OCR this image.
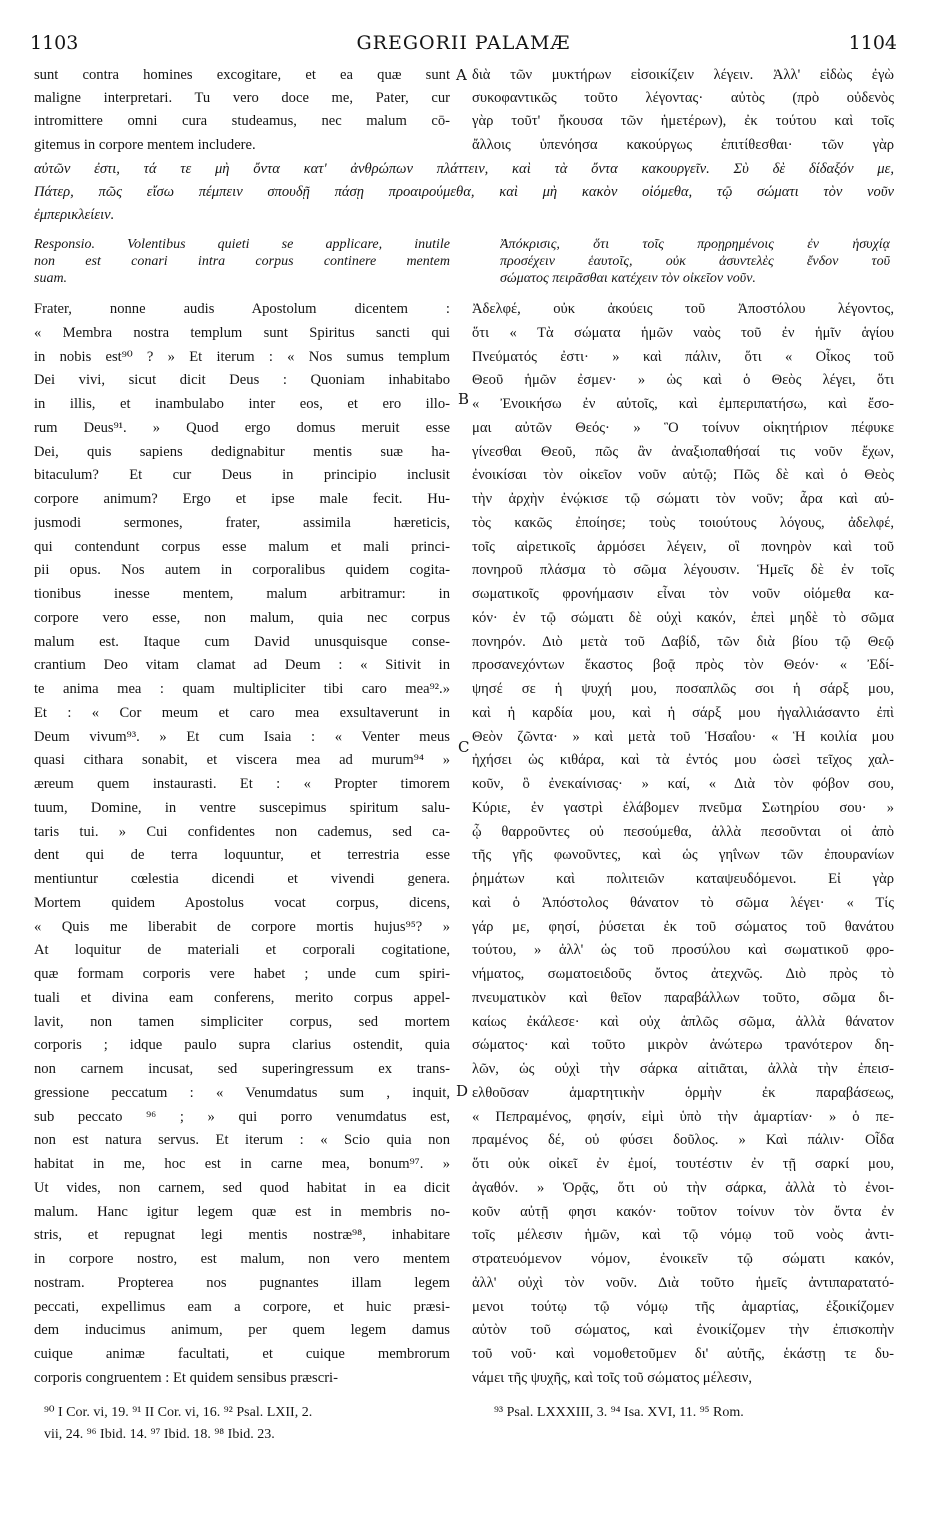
1103	GREGORII PALAMÆ	1104
sunt contra homines excogitare, et ea quæ sunt
maligne interpretari. Tu vero doce me, Pater, cur
intromittere omni cura studeamus, nec malum cō-
gitemus in corpore mentem includere.
διὰ τῶν μυκτήρων εἰσοικίζειν λέγειν. Ἀλλ' εἰδὼς ἐγὼ
συκοφαντικῶς τοῦτο λέγοντας· αὐτὸς (πρὸ οὐδενὸς
γὰρ τοῦτ' ἤκουσα τῶν ἡμετέρων), ἐκ τούτου καὶ τοῖς
ἄλλοις ὑπενόησα κακούργως ἐπιτίθεσθαι· τῶν γὰρ
αὐτῶν ἐστι, τά τε μὴ ὄντα κατ' ἀνθρώπων πλάττειν, καὶ τὰ ὄντα κακουργεῖν. Σὺ δὲ δίδαξόν με,
Πάτερ, πῶς εἴσω πέμπειν σπουδῇ πάσῃ προαιρούμεθα, καὶ μὴ κακὸν οἰόμεθα, τῷ σώματι τὸν νοῦν
ἐμπερικλείειν.
Responsio. Volentibus quieti se applicare, inutile
non est conari intra corpus continere mentem
suam.
Ἀπόκρισις, ὅτι τοῖς προῃρημένοις ἐν ἡσυχίᾳ
προσέχειν ἑαυτοῖς, οὐκ ἀσυντελὲς ἔνδον τοῦ
σώματος πειρᾶσθαι κατέχειν τὸν οἰκεῖον νοῦν.
Frater, nonne audis Apostolum dicentem :
« Membra nostra templum sunt Spiritus sancti qui
in nobis est⁹⁰ ? » Et iterum : « Nos sumus templum
Dei vivi, sicut dicit Deus : Quoniam inhabitabo
in illis, et inambulabo inter eos, et ero illo-
rum Deus⁹¹. » Quod ergo domus meruit esse
Dei, quis sapiens dedignabitur mentis suæ ha-
bitaculum? Et cur Deus in principio inclusit
corpore animum? Ergo et ipse male fecit. Hu-
jusmodi sermones, frater, assimila hæreticis,
qui contendunt corpus esse malum et mali princi-
pii opus. Nos autem in corporalibus quidem cogita-
tionibus inesse mentem, malum arbitramur: in
corpore vero esse, non malum, quia nec corpus
malum est. Itaque cum David unusquisque conse-
crantium Deo vitam clamat ad Deum : « Sitivit in
te anima mea : quam multipliciter tibi caro mea⁹².»
Et : « Cor meum et caro mea exsultaverunt in
Deum vivum⁹³. » Et cum Isaia : « Venter meus
quasi cithara sonabit, et viscera mea ad murum⁹⁴ »
æreum quem instaurasti. Et : « Propter timorem
tuum, Domine, in ventre suscepimus spiritum salu-
taris tui. » Cui confidentes non cademus, sed ca-
dent qui de terra loquuntur, et terrestria esse
mentiuntur cœlestia dicendi et vivendi genera.
Mortem quidem Apostolus vocat corpus, dicens,
« Quis me liberabit de corpore mortis hujus⁹⁵? »
At loquitur de materiali et corporali cogitatione,
quæ formam corporis vere habet ; unde cum spiri-
tuali et divina eam conferens, merito corpus appel-
lavit, non tamen simpliciter corpus, sed mortem
corporis ; idque paulo supra clarius ostendit, quia
non carnem incusat, sed superingressum ex trans-
gressione peccatum : « Venumdatus sum , inquit,
sub peccato ⁹⁶ ; » qui porro venumdatus est,
non est natura servus. Et iterum : « Scio quia non
habitat in me, hoc est in carne mea, bonum⁹⁷. »
Ut vides, non carnem, sed quod habitat in ea dicit
malum. Hanc igitur legem quæ est in membris no-
stris, et repugnat legi mentis nostræ⁹⁸, inhabitare
in corpore nostro, est malum, non vero mentem
nostram. Propterea nos pugnantes illam legem
peccati, expellimus eam a corpore, et huic præsi-
dem inducimus animum, per quem legem damus
cuique animæ facultati, et cuique membrorum
corporis congruentem : Et quidem sensibus præscri-
Ἀδελφέ, οὐκ ἀκούεις τοῦ Ἀποστόλου λέγοντος,
ὅτι « Τὰ σώματα ἡμῶν ναὸς τοῦ ἐν ἡμῖν ἁγίου
Πνεύματός ἐστι· » καὶ πάλιν, ὅτι « Οἶκος τοῦ
Θεοῦ ἡμῶν ἐσμεν· » ὡς καὶ ὁ Θεὸς λέγει, ὅτι
« Ἐνοικήσω ἐν αὐτοῖς, καὶ ἐμπεριπατήσω, καὶ ἔσο-
μαι αὐτῶν Θεός· » Ὃ τοίνυν οἰκητήριον πέφυκε
γίνεσθαι Θεοῦ, πῶς ἂν ἀναξιοπαθήσαί τις νοῦν ἔχων,
ἐνοικίσαι τὸν οἰκεῖον νοῦν αὐτῷ; Πῶς δὲ καὶ ὁ Θεὸς
τὴν ἀρχὴν ἐνῴκισε τῷ σώματι τὸν νοῦν; ἆρα καὶ αὐ-
τὸς κακῶς ἐποίησε; τοὺς τοιούτους λόγους, ἀδελφέ,
τοῖς αἱρετικοῖς ἁρμόσει λέγειν, οἳ πονηρὸν καὶ τοῦ
πονηροῦ πλάσμα τὸ σῶμα λέγουσιν. Ἡμεῖς δὲ ἐν τοῖς
σωματικοῖς φρονήμασιν εἶναι τὸν νοῦν οἰόμεθα κα-
κόν· ἐν τῷ σώματι δὲ οὐχὶ κακόν, ἐπεὶ μηδὲ τὸ σῶμα
πονηρόν. Διὸ μετὰ τοῦ Δαβίδ, τῶν διὰ βίου τῷ Θεῷ
προσανεχόντων ἕκαστος βοᾷ πρὸς τὸν Θεόν· « Ἐδί-
ψησέ σε ἡ ψυχή μου, ποσαπλῶς σοι ἡ σάρξ μου,
καὶ ἡ καρδία μου, καὶ ἡ σάρξ μου ἠγαλλιάσαντο ἐπὶ
Θεὸν ζῶντα· » καὶ μετὰ τοῦ Ἡσαΐου· « Ἡ κοιλία μου
ἠχήσει ὡς κιθάρα, καὶ τὰ ἐντός μου ὡσεὶ τεῖχος χαλ-
κοῦν, ὃ ἐνεκαίνισας· » καί, « Διὰ τὸν φόβον σου,
Κύριε, ἐν γαστρὶ ἐλάβομεν πνεῦμα Σωτηρίου σου· »
ᾧ θαρροῦντες οὐ πεσούμεθα, ἀλλὰ πεσοῦνται οἱ ἀπὸ
τῆς γῆς φωνοῦντες, καὶ ὡς γηΐνων τῶν ἐπουρανίων
ῥημάτων καὶ πολιτειῶν καταψευδόμενοι. Εἰ γὰρ
καὶ ὁ Ἀπόστολος θάνατον τὸ σῶμα λέγει· « Τίς
γάρ με, φησί, ῥύσεται ἐκ τοῦ σώματος τοῦ θανάτου
τούτου, » ἀλλ' ὡς τοῦ προσύλου καὶ σωματικοῦ φρο-
νήματος, σωματοειδοῦς ὄντος ἀτεχνῶς. Διὸ πρὸς τὸ
πνευματικὸν καὶ θεῖον παραβάλλων τοῦτο, σῶμα δι-
καίως ἐκάλεσε· καὶ οὐχ ἁπλῶς σῶμα, ἀλλὰ θάνατον
σώματος· καὶ τοῦτο μικρὸν ἀνώτερω τρανότερον δη-
λῶν, ὡς οὐχὶ τὴν σάρκα αἰτιᾶται, ἀλλὰ τὴν ἐπεισ-
ελθοῦσαν ἁμαρτητικὴν ὁρμὴν ἐκ παραβάσεως,
« Πεπραμένος, φησίν, εἰμὶ ὑπὸ τὴν ἁμαρτίαν· » ὁ πε-
πραμένος δέ, οὐ φύσει δοῦλος. » Καὶ πάλιν· Οἶδα
ὅτι οὐκ οἰκεῖ ἐν ἐμοί, τουτέστιν ἐν τῇ σαρκί μου,
ἀγαθόν. » Ὁρᾷς, ὅτι οὐ τὴν σάρκα, ἀλλὰ τὸ ἐνοι-
κοῦν αὐτῇ φησι κακόν· τοῦτον τοίνυν τὸν ὄντα ἐν
τοῖς μέλεσιν ἡμῶν, καὶ τῷ νόμῳ τοῦ νοὸς ἀντι-
στρατευόμενον νόμον, ἐνοικεῖν τῷ σώματι κακόν,
ἀλλ' οὐχὶ τὸν νοῦν. Διὰ τοῦτο ἡμεῖς ἀντιπαρατατό-
μενοι τούτῳ τῷ νόμῳ τῆς ἁμαρτίας, ἐξοικίζομεν
αὐτὸν τοῦ σώματος, καὶ ἐνοικίζομεν τὴν ἐπισκοπὴν
τοῦ νοῦ· καὶ νομοθετοῦμεν δι' αὐτῆς, ἑκάστῃ τε δυ-
νάμει τῆς ψυχῆς, καὶ τοῖς τοῦ σώματος μέλεσιν,
A
B
C
D
⁹⁰ I Cor. vi, 19. ⁹¹ II Cor. vi, 16. ⁹² Psal. LXII, 2.
vii, 24. ⁹⁶ Ibid. 14. ⁹⁷ Ibid. 18. ⁹⁸ Ibid. 23.
⁹³ Psal. LXXXIII, 3. ⁹⁴ Isa. XVI, 11. ⁹⁵ Rom.
